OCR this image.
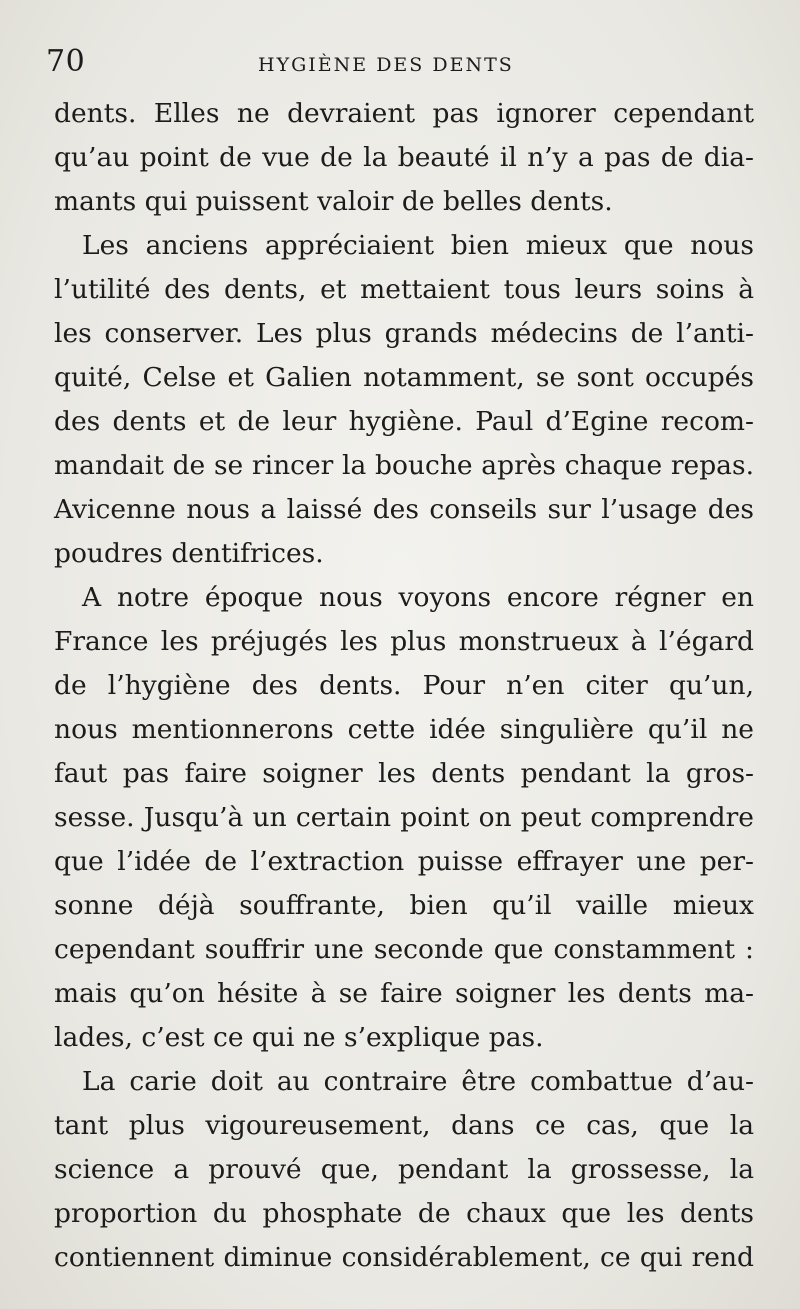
70	HYGIÈNE DES DENTS
dents. Elles ne devraient pas ignorer cependant
qu’au point de vue de la beauté il n’y a pas de dia-
mants qui puissent valoir de belles dents.
Les anciens appréciaient bien mieux que nous
l’utilité des dents, et mettaient tous leurs soins à
les conserver. Les plus grands médecins de l’anti-
quité, Celse et Galien notamment, se sont occupés
des dents et de leur hygiène. Paul d’Egine recom-
mandait de se rincer la bouche après chaque repas.
Avicenne nous a laissé des conseils sur l’usage des
poudres dentifrices.
A notre époque nous voyons encore régner en
France les préjugés les plus monstrueux à l’égard
de l’hygiène des dents. Pour n’en citer qu’un,
nous mentionnerons cette idée singulière qu’il ne
faut pas faire soigner les dents pendant la gros-
sesse. Jusqu’à un certain point on peut comprendre
que l’idée de l’extraction puisse effrayer une per-
sonne déjà souffrante, bien qu’il vaille mieux
cependant souffrir une seconde que constamment :
mais qu’on hésite à se faire soigner les dents ma-
lades, c’est ce qui ne s’explique pas.
La carie doit au contraire être combattue d’au-
tant plus vigoureusement, dans ce cas, que la
science a prouvé que, pendant la grossesse, la
proportion du phosphate de chaux que les dents
contiennent diminue considérablement, ce qui rend
